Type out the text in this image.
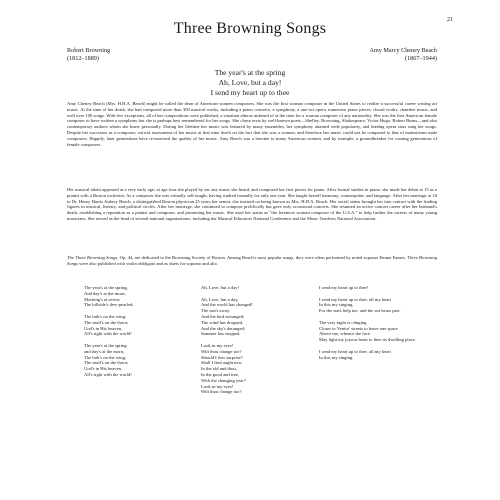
21
Three Browning Songs
Robert Browning
(1812–1889)
Amy Marcy Cheney Beach
(1867–1944)
The year's at the spring
Ah, Love, but a day!
I send my heart up to thee
Amy Cheney Beach (Mrs. H.H.A. Beach) might be called the dean of American women composers. She was the first woman composer in the United States to realize a successful career writing art music. At the time of her death, she had composed more than 300 musical works, including a piano concerto, a symphony, a one-act opera, numerous piano pieces, choral works, chamber music, and well over 100 songs. With few exceptions, all of her compositions were published, a situation almost unheard of at the time for a woman composer of any nationality. She was the first American female composer to have written a symphony but she is perhaps best remembered for her songs. She chose texts by well-known poets—Shelley, Browning, Shakespeare, Victor Hugo, Robert Burns—and also contemporary authors whom she knew personally. During her lifetime her music was featured by many ensembles, her symphony attained wide popularity, and leading opera stars sang her songs. Despite her successes as a composer, critical assessment of her music at that time dwelt on the fact that she was a woman, and therefore her music could not be compared to that of mainstream male composers. Happily, later generations have re-assessed the quality of her music. Amy Beach was a heroine to many American women, and by example, a groundbreaker for coming generations of female composers.
Her musical talent appeared at a very early age; at age four she played by ear any music she heard, and composed her first pieces for piano. After formal studies in piano, she made her debut at 15 as a pianist with a Boston orchestra. As a composer she was virtually self-taught, having studied formally for only one year. She taught herself harmony, counterpoint, and language. After her marriage at 18 to Dr. Henry Harris Aubrey Beach, a distinguished Boston physician 25 years her senior, she insisted on being known as Mrs. H.H.A. Beach. Her social status brought her into contact with the leading figures in musical, literary, and political circles. After her marriage, she continued to compose prolifically but gave only occasional concerts. She resumed an active concert career after her husband's death, establishing a reputation as a pianist and composer, and promoting her music. She used her status as "the foremost woman composer of the U.S.A." to help further the careers of many young musicians. She served as the head of several national organizations, including the Musical Educators National Conference and the Music Teachers National Association.
The Three Browning Songs, Op. 44, are dedicated to the Browning Society of Boston. Among Beach's most popular songs, they were often performed by noted soprano Emma Eames. Three Browning Songs were also published with violin obbligato and as duets for soprano and alto.
The year's at the spring,
And day's at the morn;
Morning's at seven;
The hillside's dew-pearled;
The lark's on the wing;
The snail's on the thorn;
God's in His heaven,
All's right with the world!
The year's at the spring
and day's at the morn,
The lark's on the wing;
The snail's on the thorn;
God's in His heaven,
All's right with the world!
Ah, Love, but a day!
Ah, Love, but a day,
And the world has changed!
The sun's away,
And the bird estranged;
The wind has dropped,
And the sky's deranged;
Summer has stopped.
Look in my eyes!
Wilt thou change too?
Should I fear surprise?
Shall I find aught new
In the old and thou,
In the good and true,
With the changing year?
Look in my eyes!
Wilt thou change too?
I send my heart up to thee!
I send my heart up to thee, all my heart
In this my singing,
For the stars help me, and the sea bears part.
The very night is clinging
Closer to Venice' streets to leave one space
Above me, whence the face
May light my joyous heart to thee its dwelling place.
I send my heart up to thee, all my heart
In this my singing.
